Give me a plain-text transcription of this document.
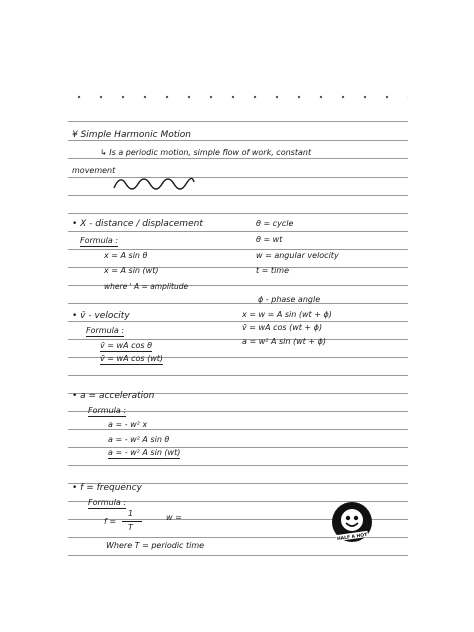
¥ Simple Harmonic Motion
↳ Is a periodic motion, simple flow of work, constant
movement
• X - distance / displacement
Formula :
x = A sin θ
x = A sin (wt)
where ' A = amplitude
θ = cycle
θ = wt
w = angular velocity
t = time
ϕ - phase angle
x = w = A sin (wt + ϕ)
v̄ = wA cos (wt + ϕ)
a = w² A sin (wt + ϕ)
• v̄ - velocity
Formula :
v̄ = wA cos θ
v̄ = wA cos (wt)
• a = acceleration
Formula :
a = - w² x
a = - w² A sin θ
a = - w² A sin (wt)
• f = frequency
Formula :
f =
1
T
w =
Where T = periodic time
HALF A HOT
